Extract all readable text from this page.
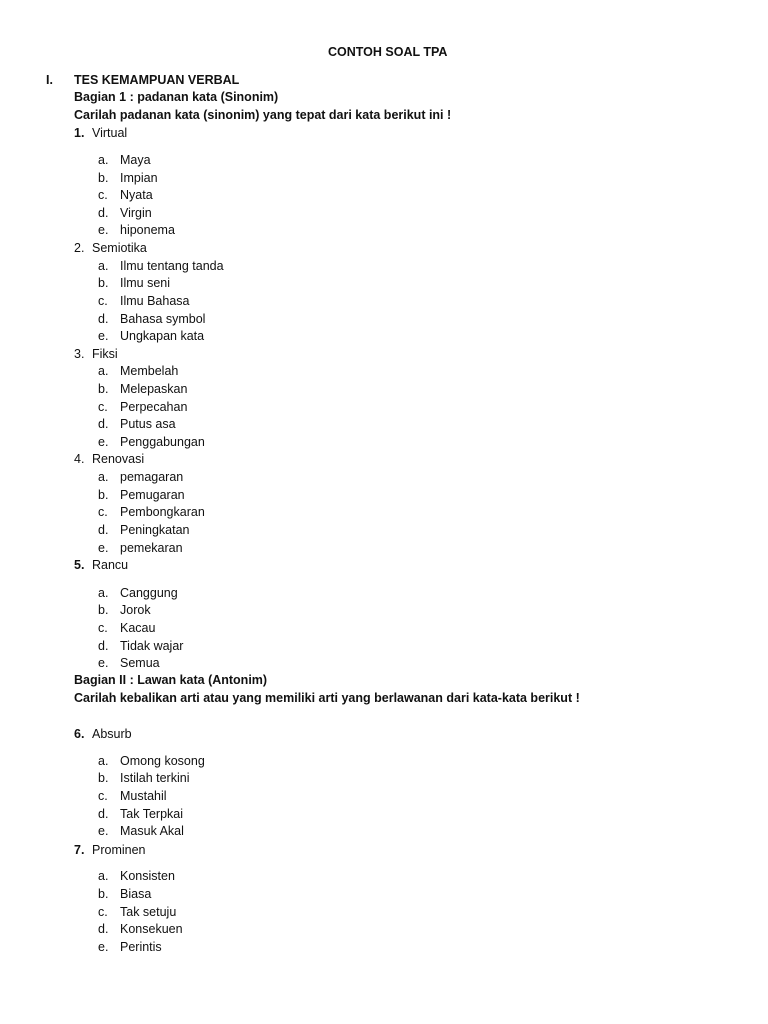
CONTOH SOAL TPA
I. TES KEMAMPUAN VERBAL
Bagian 1 : padanan kata (Sinonim)
Carilah padanan kata (sinonim) yang tepat dari kata berikut ini !
Bagian II : Lawan kata (Antonim)
Carilah kebalikan arti atau yang memiliki arti yang berlawanan dari kata-kata berikut !
1. Virtual
a. Maya
b. Impian
c. Nyata
d. Virgin
e. hiponema
2. Semiotika
a. Ilmu tentang tanda
b. Ilmu seni
c. Ilmu Bahasa
d. Bahasa symbol
e. Ungkapan kata
3. Fiksi
a. Membelah
b. Melepaskan
c. Perpecahan
d. Putus asa
e. Penggabungan
4. Renovasi
a. pemagaran
b. Pemugaran
c. Pembongkaran
d. Peningkatan
e. pemekaran
5. Rancu
a. Canggung
b. Jorok
c. Kacau
d. Tidak wajar
e. Semua
6. Absurb
a. Omong kosong
b. Istilah terkini
c. Mustahil
d. Tak Terpkai
e. Masuk Akal
7. Prominen
a. Konsisten
b. Biasa
c. Tak setuju
d. Konsekuen
e. Perintis
